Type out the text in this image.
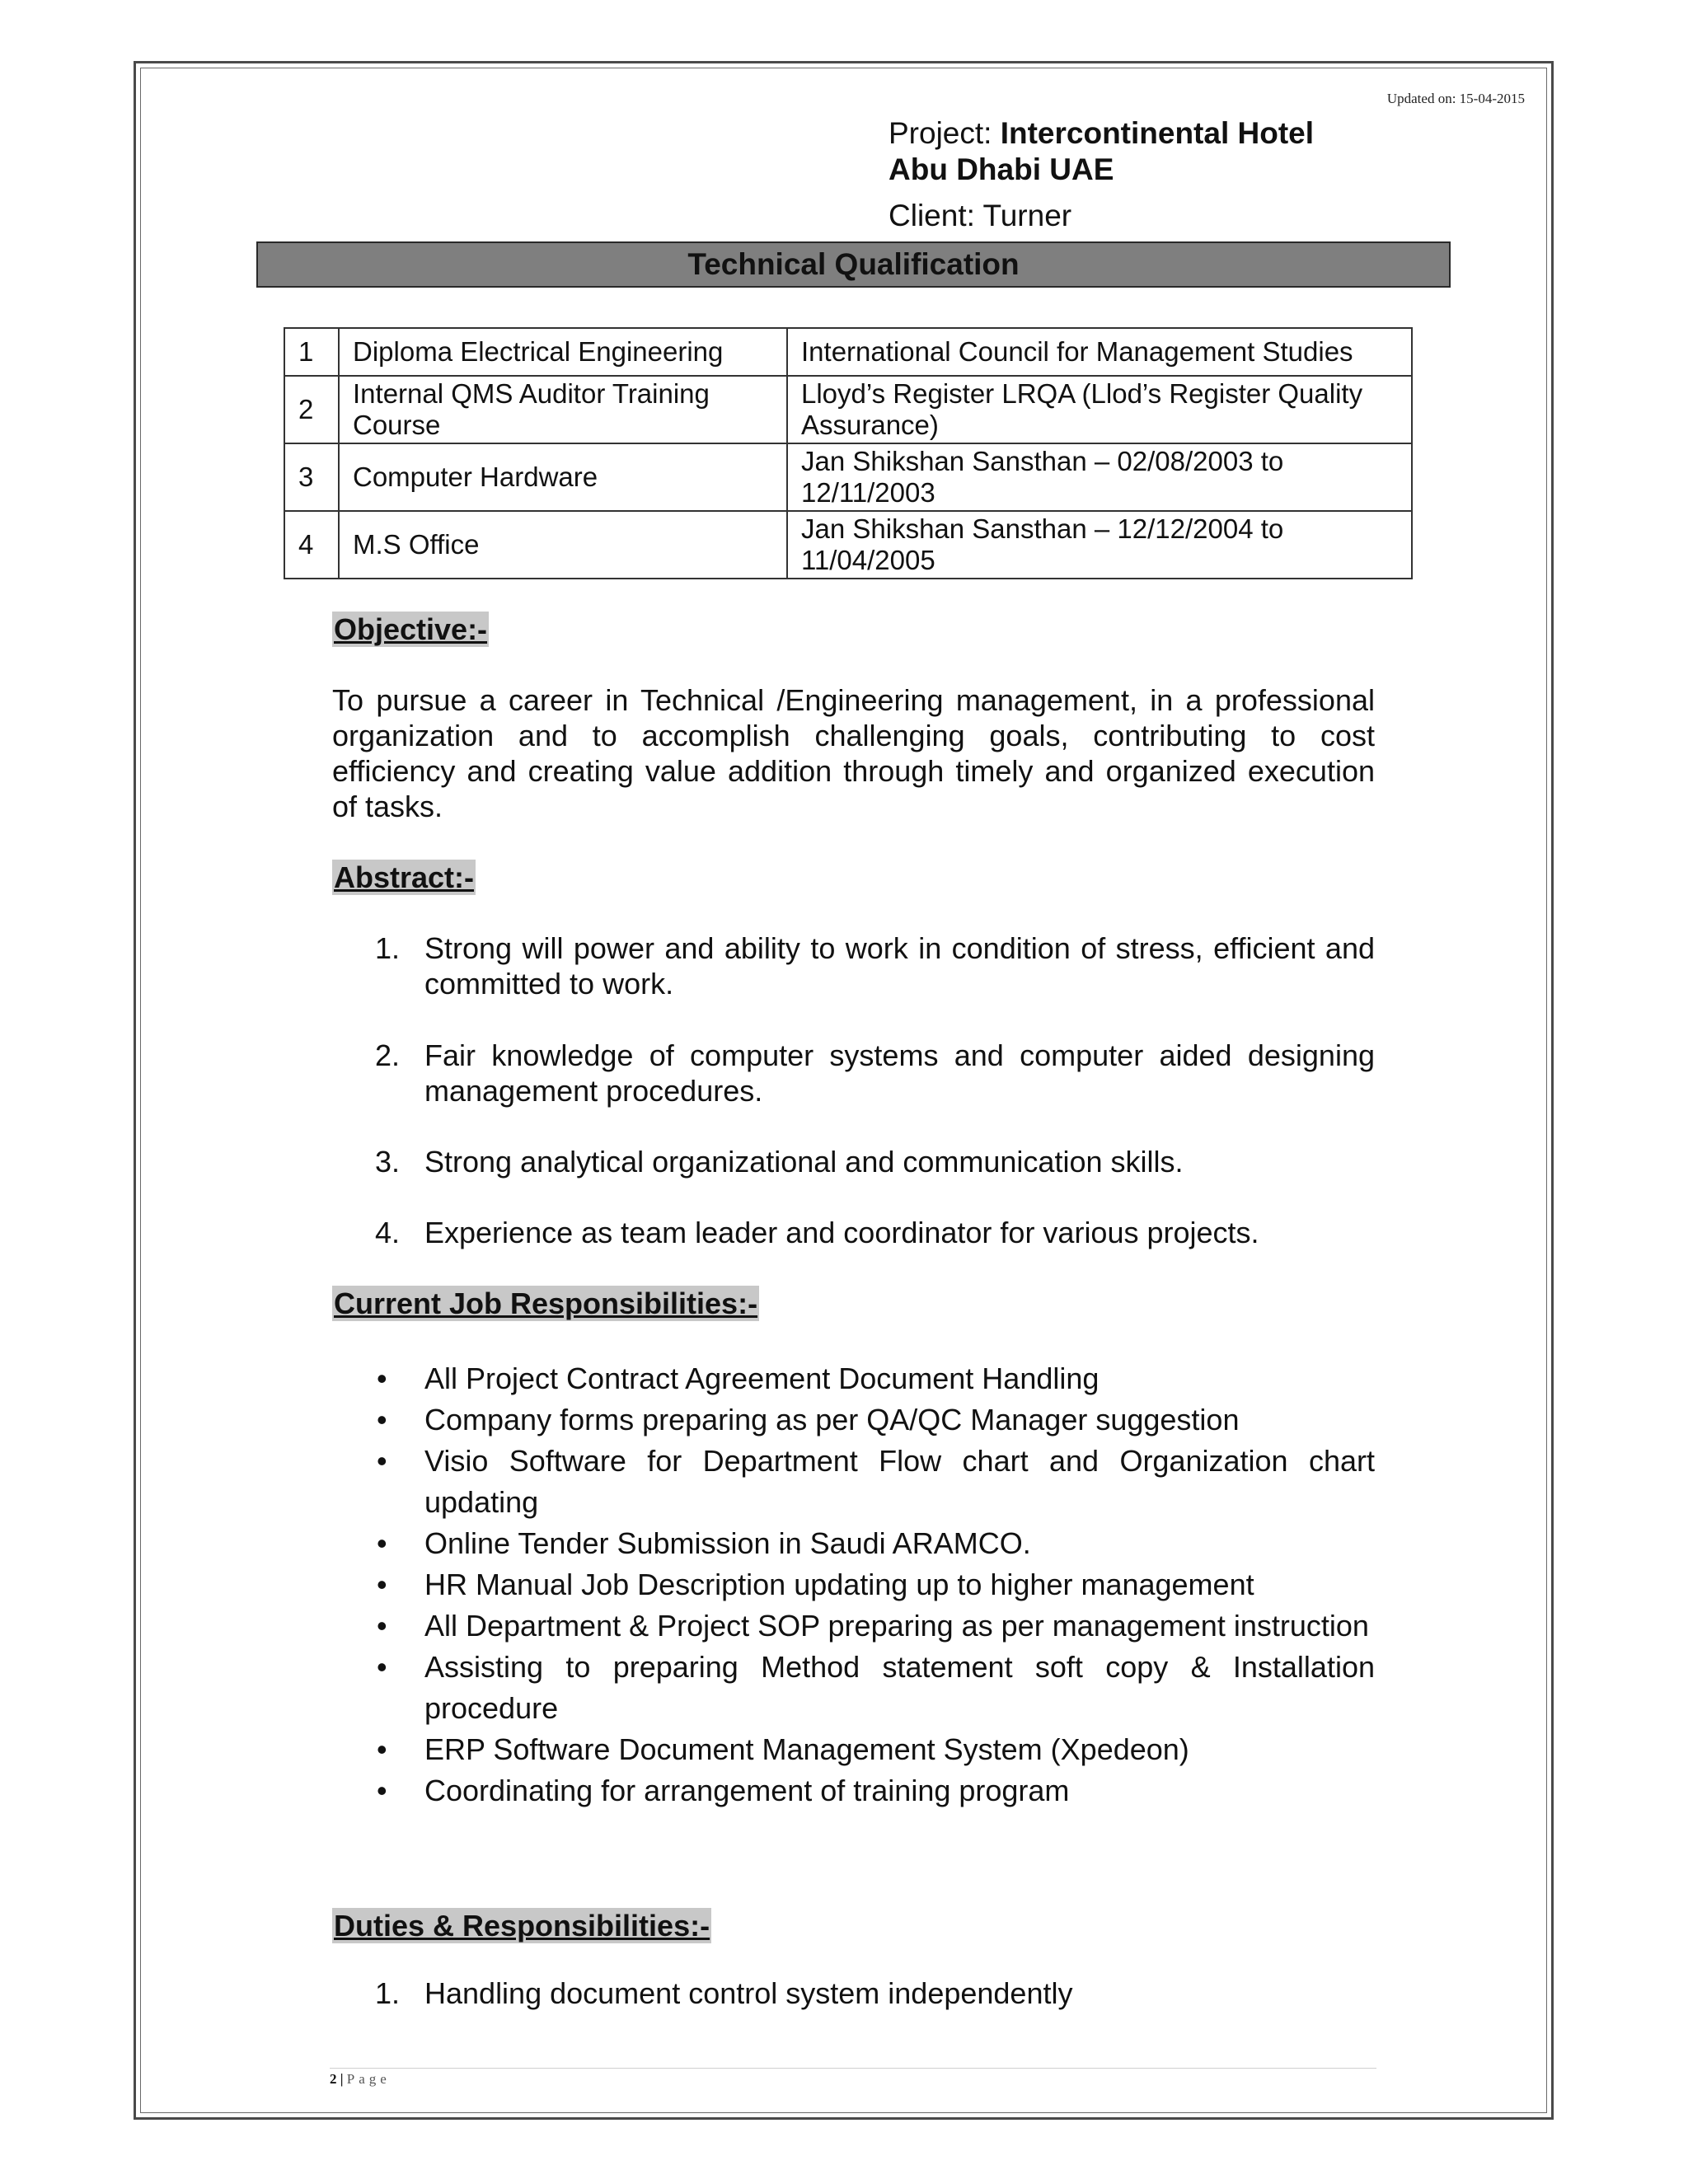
Updated on: 15-04-2015
Project: Intercontinental Hotel
Abu Dhabi UAE
Client: Turner
Technical Qualification
1	Diploma Electrical Engineering	International Council for Management Studies
2	Internal QMS Auditor Training Course	Lloyd’s Register LRQA (Llod’s Register Quality Assurance)
3	Computer Hardware	Jan Shikshan Sansthan – 02/08/2003 to 12/11/2003
4	M.S Office	Jan Shikshan Sansthan – 12/12/2004 to 11/04/2005
Objective:-
To pursue a career in Technical /Engineering management, in a professional organization and to accomplish challenging goals, contributing to cost efficiency and creating value addition through timely and organized execution of tasks.
Abstract:-
1. Strong will power and ability to work in condition of stress, efficient and committed to work.
2. Fair knowledge of computer systems and computer aided designing management procedures.
3. Strong analytical organizational and communication skills.
4. Experience as team leader and coordinator for various projects.
Current Job Responsibilities:-
• All Project Contract Agreement Document Handling
• Company forms preparing as per QA/QC Manager suggestion
• Visio Software for Department Flow chart and Organization chart updating
• Online Tender Submission in Saudi ARAMCO.
• HR Manual Job Description updating up to higher management
• All Department & Project SOP preparing as per management instruction
• Assisting to preparing Method statement soft copy & Installation procedure
• ERP Software Document Management System (Xpedeon)
• Coordinating for arrangement of training program
Duties & Responsibilities:-
1. Handling document control system independently
2 | Page
